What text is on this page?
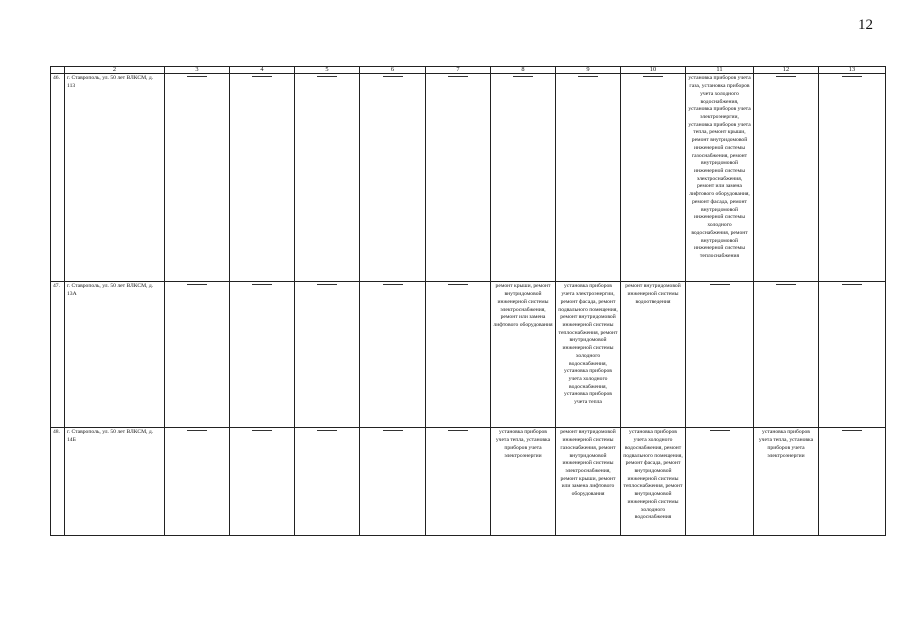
12
	2	3	4	5	6	7	8	9	10	11	12	13
46.	г. Ставрополь, ул. 50 лет ВЛКСМ, д. 113									установка приборов учета газа, установка приборов учета холодного водоснабжения, установка приборов учета электроэнергии, установка приборов учета тепла, ремонт крыши, ремонт внутридомовой инженерной системы газоснабжения, ремонт внутридомовой инженерной системы электроснабжения, ремонт или замена лифтового оборудования, ремонт фасада, ремонт внутридомовой инженерной системы холодного водоснабжения, ремонт внутридомовой инженерной системы теплоснабжения	

47.	г. Ставрополь, ул. 50 лет ВЛКСМ, д. 13А						ремонт крыши, ремонт внутридомовой инженерной системы электроснабжения, ремонт или замена лифтового оборудования	установка приборов учета электроэнергии, ремонт фасада, ремонт подвального помещения, ремонт внутридомовой инженерной системы теплоснабжения, ремонт внутридомовой инженерной системы холодного водоснабжения, установка приборов учета холодного водоснабжения, установка приборов учета тепла	ремонт внутридомовой инженерной системы водоотведения	

48.	г. Ставрополь, ул. 50 лет ВЛКСМ, д. 14Б						установка приборов учета тепла, установка приборов учета электроэнергии	ремонт внутридомовой инженерной системы газоснабжения, ремонт внутридомовой инженерной системы электроснабжения, ремонт крыши, ремонт или замена лифтового оборудования	установка приборов учета холодного водоснабжения, ремонт подвального помещения, ремонт фасада, ремонт внутридомовой инженерной системы теплоснабжения, ремонт внутридомовой инженерной системы холодного водоснабжения		установка приборов учета тепла, установка приборов учета электроэнергии	
